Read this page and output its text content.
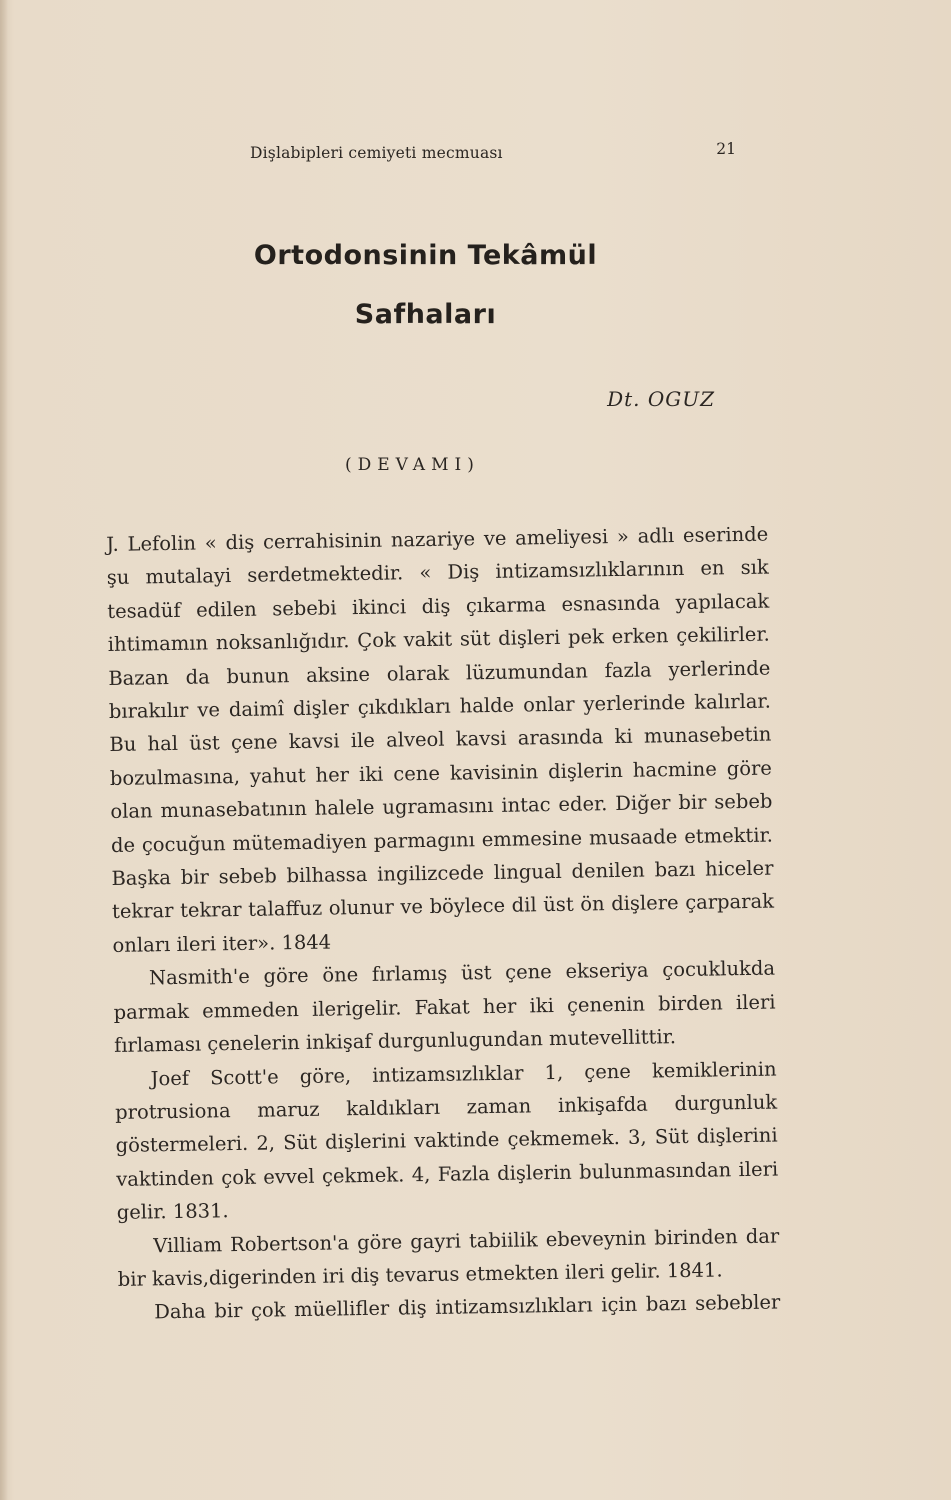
Dişlabipleri cemiyeti mecmuası	21
Ortodonsinin Tekâmül
Safhaları
Dt. OGUZ
(DEVAMI)

J. Lefolin « diş cerrahisinin nazariye ve ameliyesi » adlı eserinde şu mutalayi serdetmektedir. « Diş intizamsızlıklarının en sık tesadüf edilen sebebi ikinci diş çıkarma esnasında yapılacak ihtimamın noksanlığıdır. Çok vakit süt dişleri pek erken çekilirler. Bazan da bunun aksine olarak lüzumundan fazla yerlerinde bırakılır ve daimî dişler çıkdıkları halde onlar yerlerinde kalırlar. Bu hal üst çene kavsi ile alveol kavsi arasında ki munasebetin bozulmasına, yahut her iki cene kavisinin dişlerin hacmine göre olan munasebatının halele ugramasını intac eder. Diğer bir sebeb de çocuğun mütemadiyen parmagını emmesine musaade etmektir. Başka bir sebeb bilhassa ingilizcede lingual denilen bazı hiceler tekrar tekrar talaffuz olunur ve böylece dil üst ön dişlere çarparak onları ileri iter». 1844

Nasmith'e göre öne fırlamış üst çene ekseriya çocuklukda parmak emmeden ilerigelir. Fakat her iki çenenin birden ileri fırlaması çenelerin inkişaf durgunlugundan mutevellittir.

Joef Scott'e göre, intizamsızlıklar 1, çene kemiklerinin protrusiona maruz kaldıkları zaman inkişafda durgunluk göstermeleri. 2, Süt dişlerini vaktinde çekmemek. 3, Süt dişlerini vaktinden çok evvel çekmek. 4, Fazla dişlerin bulunmasından ileri gelir. 1831.

Villiam Robertson'a göre gayri tabiilik ebeveynin birinden dar bir kavis,digerinden iri diş tevarus etmekten ileri gelir. 1841.

Daha bir çok müellifler diş intizamsızlıkları için bazı sebebler
